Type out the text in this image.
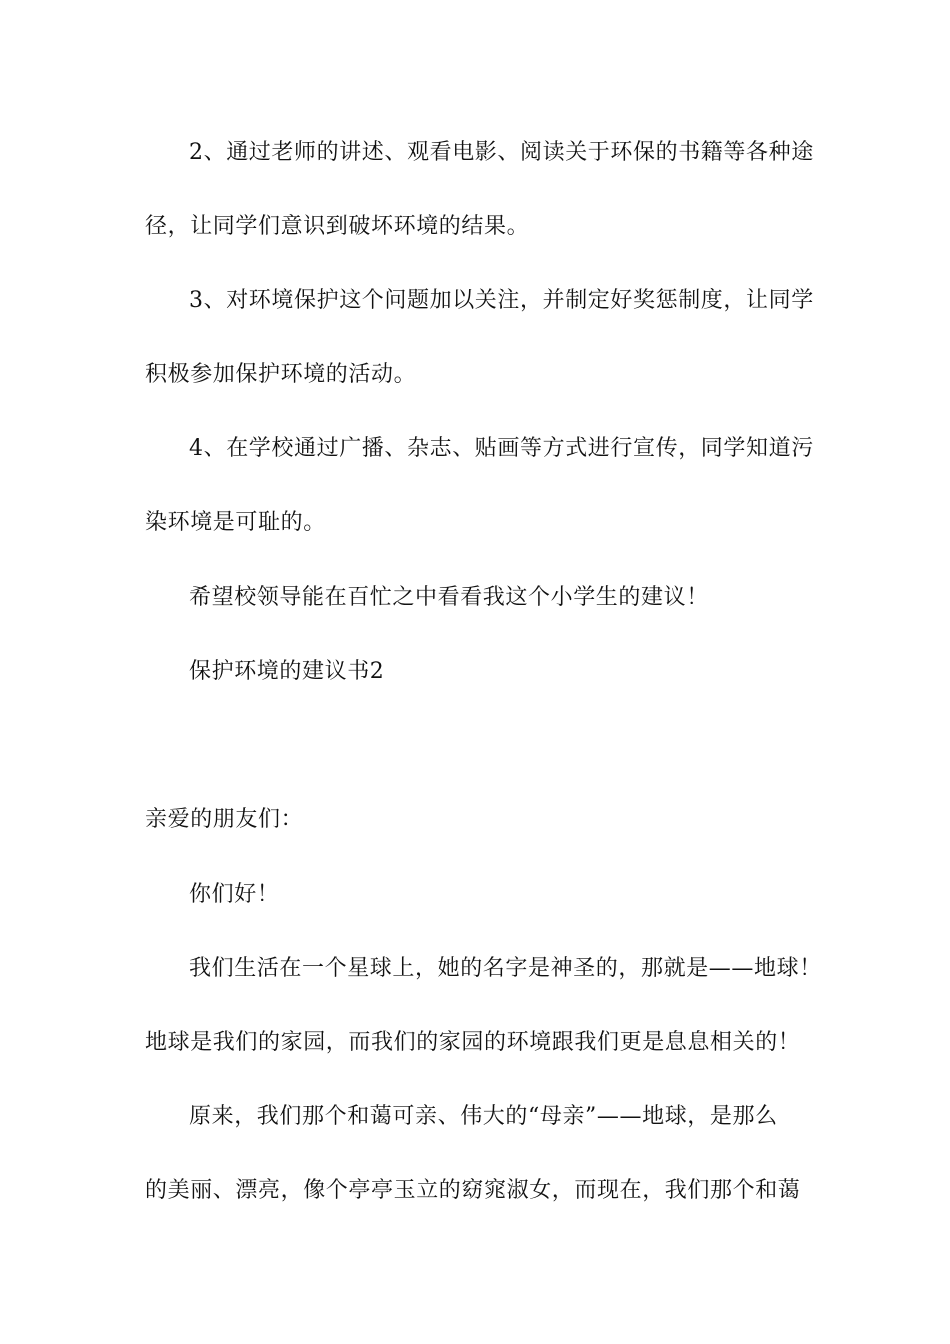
2、通过老师的讲述、观看电影、阅读关于环保的书籍等各种途
径，让同学们意识到破坏环境的结果。
3、对环境保护这个问题加以关注，并制定好奖惩制度，让同学
积极参加保护环境的活动。
4、在学校通过广播、杂志、贴画等方式进行宣传，同学知道污
染环境是可耻的。
希望校领导能在百忙之中看看我这个小学生的建议！
保护环境的建议书2
亲爱的朋友们：
你们好！
我们生活在一个星球上，她的名字是神圣的，那就是——地球！
地球是我们的家园，而我们的家园的环境跟我们更是息息相关的！
原来，我们那个和蔼可亲、伟大的“母亲”——地球，是那么
的美丽、漂亮，像个亭亭玉立的窈窕淑女，而现在，我们那个和蔼
